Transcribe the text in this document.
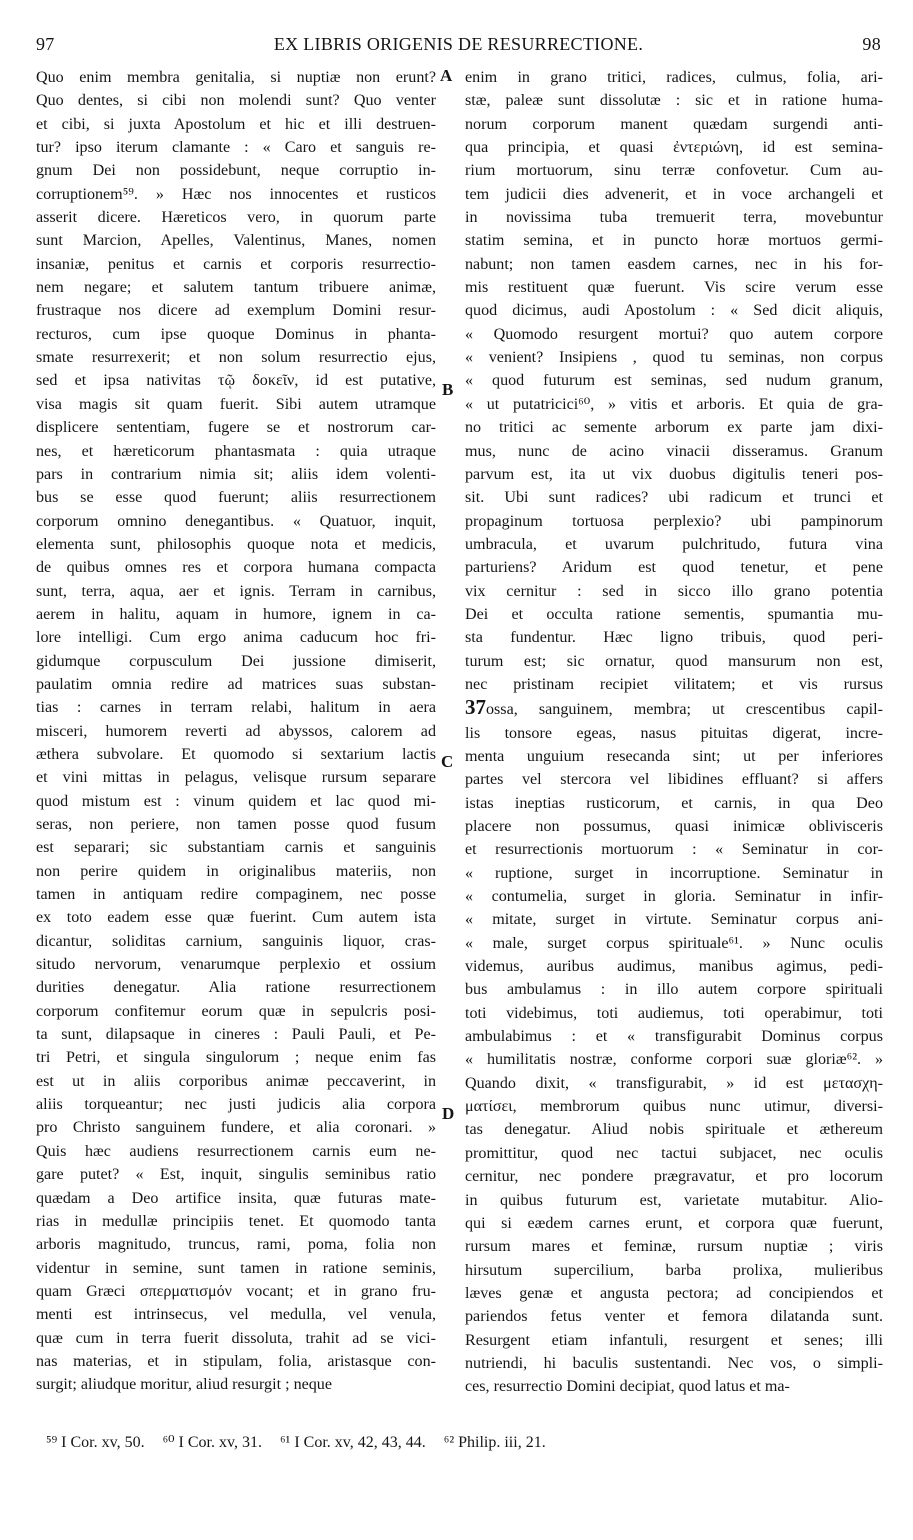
97	EX LIBRIS ORIGENIS DE RESURRECTIONE.	98
Quo enim membra genitalia, si nuptiæ non erunt?
Quo dentes, si cibi non molendi sunt? Quo venter
et cibi, si juxta Apostolum et hic et illi destruen-
tur? ipso iterum clamante : « Caro et sanguis re-
gnum Dei non possidebunt, neque corruptio in-
corruptionem⁵⁹. » Hæc nos innocentes et rusticos
asserit dicere. Hæreticos vero, in quorum parte
sunt Marcion, Apelles, Valentinus, Manes, nomen
insaniæ, penitus et carnis et corporis resurrectio-
nem negare; et salutem tantum tribuere animæ,
frustraque nos dicere ad exemplum Domini resur-
recturos, cum ipse quoque Dominus in phanta-
smate resurrexerit; et non solum resurrectio ejus,
sed et ipsa nativitas τῷ δοκεῖν, id est putative,
visa magis sit quam fuerit. Sibi autem utramque
displicere sententiam, fugere se et nostrorum car-
nes, et hæreticorum phantasmata : quia utraque
pars in contrarium nimia sit; aliis idem volenti-
bus se esse quod fuerunt; aliis resurrectionem
corporum omnino denegantibus. « Quatuor, inquit,
elementa sunt, philosophis quoque nota et medicis,
de quibus omnes res et corpora humana compacta
sunt, terra, aqua, aer et ignis. Terram in carnibus,
aerem in halitu, aquam in humore, ignem in ca-
lore intelligi. Cum ergo anima caducum hoc fri-
gidumque corpusculum Dei jussione dimiserit,
paulatim omnia redire ad matrices suas substan-
tias : carnes in terram relabi, halitum in aera
misceri, humorem reverti ad abyssos, calorem ad
æthera subvolare. Et quomodo si sextarium lactis
et vini mittas in pelagus, velisque rursum separare
quod mistum est : vinum quidem et lac quod mi-
seras, non periere, non tamen posse quod fusum
est separari; sic substantiam carnis et sanguinis
non perire quidem in originalibus materiis, non
tamen in antiquam redire compaginem, nec posse
ex toto eadem esse quæ fuerint. Cum autem ista
dicantur, soliditas carnium, sanguinis liquor, cras-
situdo nervorum, venarumque perplexio et ossium
durities denegatur. Alia ratione resurrectionem
corporum confitemur eorum quæ in sepulcris posi-
ta sunt, dilapsaque in cineres : Pauli Pauli, et Pe-
tri Petri, et singula singulorum ; neque enim fas
est ut in aliis corporibus animæ peccaverint, in
aliis torqueantur; nec justi judicis alia corpora
pro Christo sanguinem fundere, et alia coronari. »
Quis hæc audiens resurrectionem carnis eum ne-
gare putet? « Est, inquit, singulis seminibus ratio
quædam a Deo artifice insita, quæ futuras mate-
rias in medullæ principiis tenet. Et quomodo tanta
arboris magnitudo, truncus, rami, poma, folia non
videntur in semine, sunt tamen in ratione seminis,
quam Græci σπερματισμόν vocant; et in grano fru-
menti est intrinsecus, vel medulla, vel venula,
quæ cum in terra fuerit dissoluta, trahit ad se vici-
nas materias, et in stipulam, folia, aristasque con-
surgit; aliudque moritur, aliud resurgit ; neque
enim in grano tritici, radices, culmus, folia, ari-
stæ, paleæ sunt dissolutæ : sic et in ratione huma-
norum corporum manent quædam surgendi anti-
qua principia, et quasi ἐντεριώνη, id est semina-
rium mortuorum, sinu terræ confovetur. Cum au-
tem judicii dies advenerit, et in voce archangeli et
in novissima tuba tremuerit terra, movebuntur
statim semina, et in puncto horæ mortuos germi-
nabunt; non tamen easdem carnes, nec in his for-
mis restituent quæ fuerunt. Vis scire verum esse
quod dicimus, audi Apostolum : « Sed dicit aliquis,
« Quomodo resurgent mortui? quo autem corpore
« venient? Insipiens , quod tu seminas, non corpus
« quod futurum est seminas, sed nudum granum,
« ut putatricici⁶⁰, » vitis et arboris. Et quia de gra-
no tritici ac semente arborum ex parte jam dixi-
mus, nunc de acino vinacii disseramus. Granum
parvum est, ita ut vix duobus digitulis teneri pos-
sit. Ubi sunt radices? ubi radicum et trunci et
propaginum tortuosa perplexio? ubi pampinorum
umbracula, et uvarum pulchritudo, futura vina
parturiens? Aridum est quod tenetur, et pene
vix cernitur : sed in sicco illo grano potentia
Dei et occulta ratione sementis, spumantia mu-
sta fundentur. Hæc ligno tribuis, quod peri-
turum est; sic ornatur, quod mansurum non est,
nec pristinam recipiet vilitatem; et vis rursus
37ossa, sanguinem, membra; ut crescentibus capil-
lis tonsore egeas, nasus pituitas digerat, incre-
menta unguium resecanda sint; ut per inferiores
partes vel stercora vel libidines effluant? si affers
istas ineptias rusticorum, et carnis, in qua Deo
placere non possumus, quasi inimicæ oblivisceris
et resurrectionis mortuorum : « Seminatur in cor-
« ruptione, surget in incorruptione. Seminatur in
« contumelia, surget in gloria. Seminatur in infir-
« mitate, surget in virtute. Seminatur corpus ani-
« male, surget corpus spirituale⁶¹. » Nunc oculis
videmus, auribus audimus, manibus agimus, pedi-
bus ambulamus : in illo autem corpore spirituali
toti videbimus, toti audiemus, toti operabimur, toti
ambulabimus : et « transfigurabit Dominus corpus
« humilitatis nostræ, conforme corpori suæ gloriæ⁶². »
Quando dixit, « transfigurabit, » id est μετασχη-
ματίσει, membrorum quibus nunc utimur, diversi-
tas denegatur. Aliud nobis spirituale et æthereum
promittitur, quod nec tactui subjacet, nec oculis
cernitur, nec pondere prægravatur, et pro locorum
in quibus futurum est, varietate mutabitur. Alio-
qui si eædem carnes erunt, et corpora quæ fuerunt,
rursum mares et feminæ, rursum nuptiæ ; viris
hirsutum supercilium, barba prolixa, mulieribus
læves genæ et angusta pectora; ad concipiendos et
pariendos fetus venter et femora dilatanda sunt.
Resurgent etiam infantuli, resurgent et senes; illi
nutriendi, hi baculis sustentandi. Nec vos, o simpli-
ces, resurrectio Domini decipiat, quod latus et ma-
A
B
C
D
⁵⁹ I Cor. xv, 50. ⁶⁰ I Cor. xv, 31. ⁶¹ I Cor. xv, 42, 43, 44. ⁶² Philip. iii, 21.
